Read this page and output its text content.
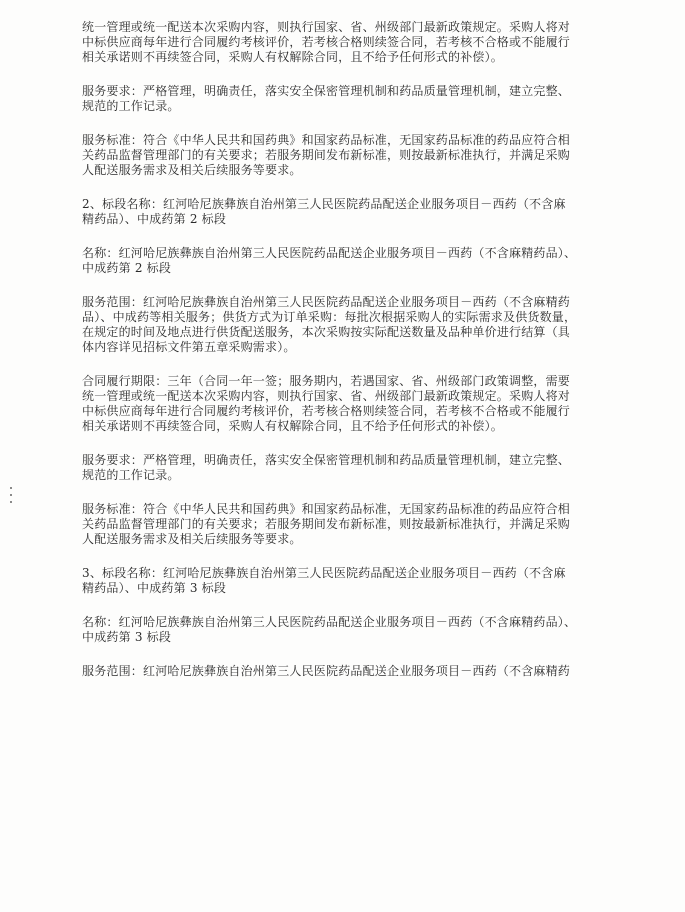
统一管理或统一配送本次采购内容，则执行国家、省、州级部门最新政策规定。采购人将对
中标供应商每年进行合同履约考核评价，若考核合格则续签合同，若考核不合格或不能履行
相关承诺则不再续签合同，采购人有权解除合同，且不给予任何形式的补偿）。
服务要求：严格管理，明确责任，落实安全保密管理机制和药品质量管理机制，建立完整、
规范的工作记录。
服务标准：符合《中华人民共和国药典》和国家药品标准，无国家药品标准的药品应符合相
关药品监督管理部门的有关要求；若服务期间发布新标准，则按最新标准执行，并满足采购
人配送服务需求及相关后续服务等要求。
2、标段名称：红河哈尼族彝族自治州第三人民医院药品配送企业服务项目－西药（不含麻
精药品）、中成药第 2 标段
名称：红河哈尼族彝族自治州第三人民医院药品配送企业服务项目－西药（不含麻精药品）、
中成药第 2 标段
服务范围：红河哈尼族彝族自治州第三人民医院药品配送企业服务项目－西药（不含麻精药
品）、中成药等相关服务；供货方式为订单采购：每批次根据采购人的实际需求及供货数量，
在规定的时间及地点进行供货配送服务，本次采购按实际配送数量及品种单价进行结算（具
体内容详见招标文件第五章采购需求）。
合同履行期限：三年（合同一年一签；服务期内，若遇国家、省、州级部门政策调整，需要
统一管理或统一配送本次采购内容，则执行国家、省、州级部门最新政策规定。采购人将对
中标供应商每年进行合同履约考核评价，若考核合格则续签合同，若考核不合格或不能履行
相关承诺则不再续签合同，采购人有权解除合同，且不给予任何形式的补偿）。
服务要求：严格管理，明确责任，落实安全保密管理机制和药品质量管理机制，建立完整、
规范的工作记录。
服务标准：符合《中华人民共和国药典》和国家药品标准，无国家药品标准的药品应符合相
关药品监督管理部门的有关要求；若服务期间发布新标准，则按最新标准执行，并满足采购
人配送服务需求及相关后续服务等要求。
3、标段名称：红河哈尼族彝族自治州第三人民医院药品配送企业服务项目－西药（不含麻
精药品）、中成药第 3 标段
名称：红河哈尼族彝族自治州第三人民医院药品配送企业服务项目－西药（不含麻精药品）、
中成药第 3 标段
服务范围：红河哈尼族彝族自治州第三人民医院药品配送企业服务项目－西药（不含麻精药
